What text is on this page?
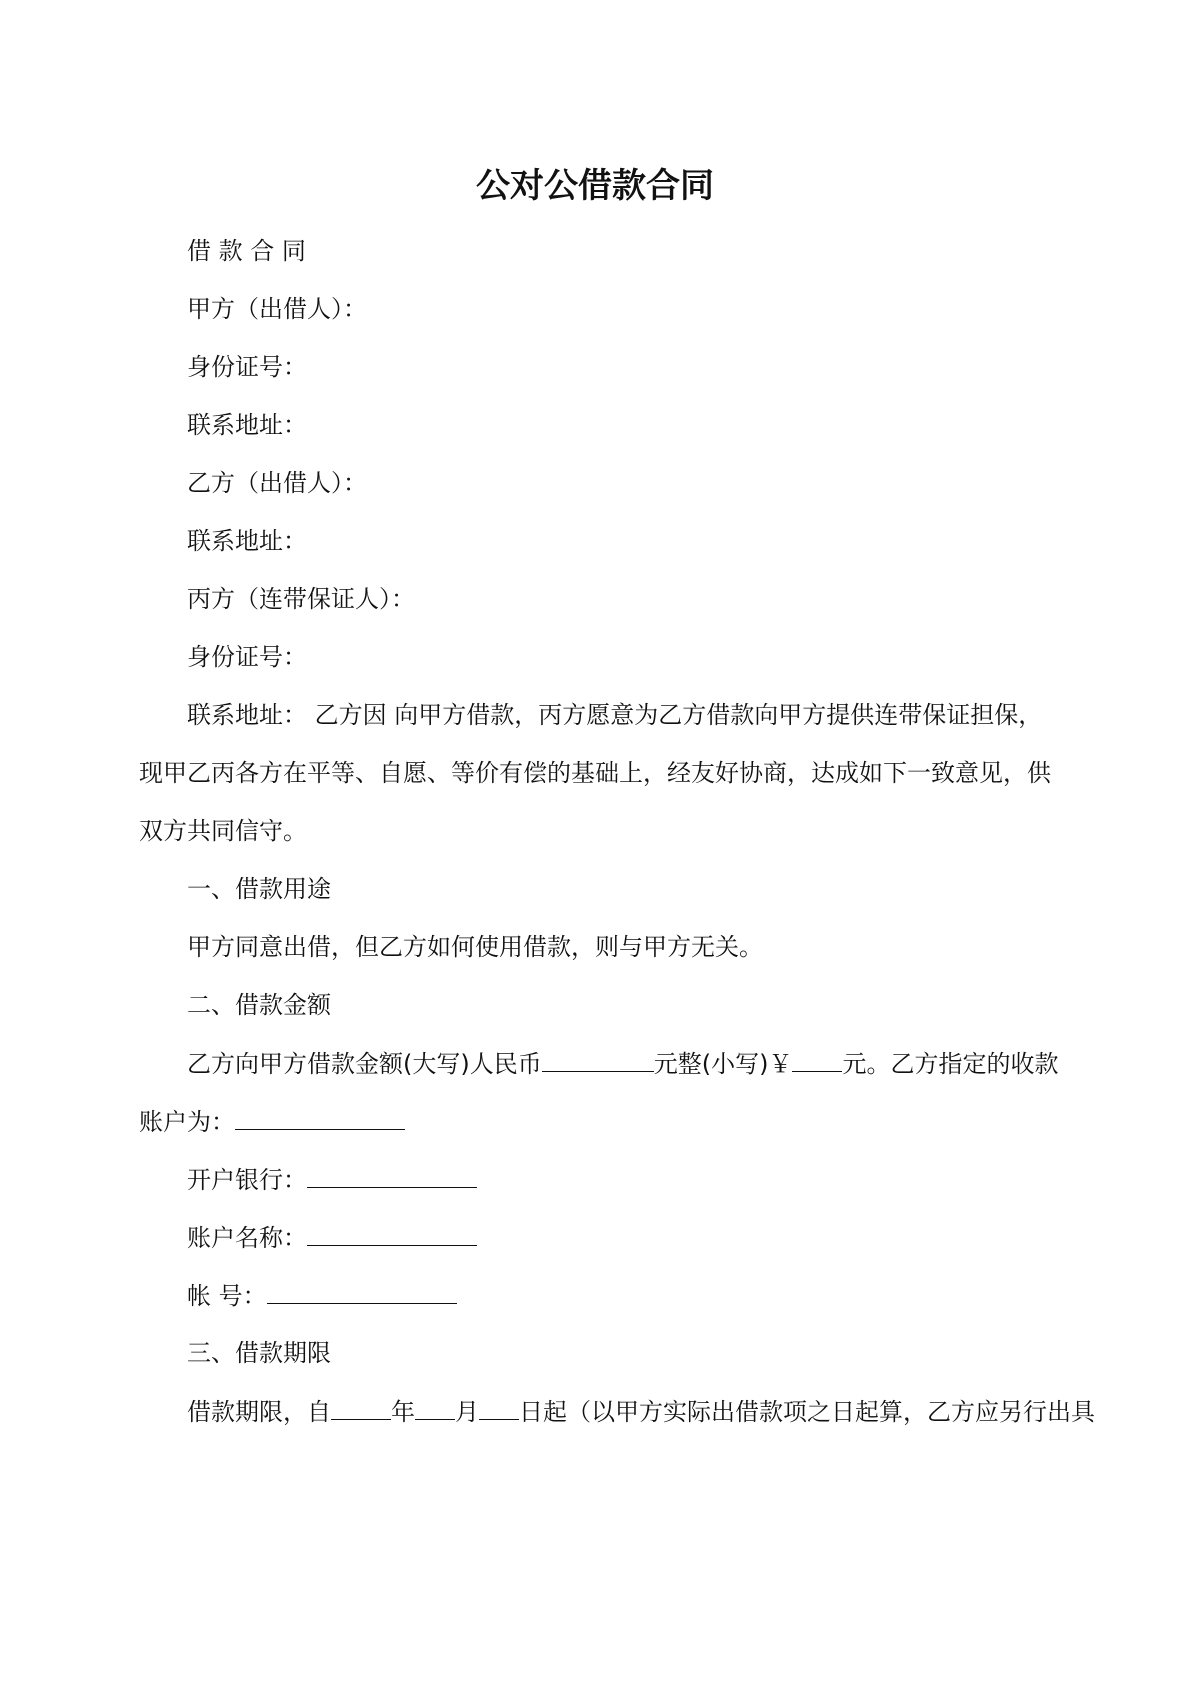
公对公借款合同
借 款 合 同
甲方（出借人）：
身份证号：
联系地址：
乙方（出借人）：
联系地址：
丙方（连带保证人）：
身份证号：
联系地址： 乙方因 向甲方借款，丙方愿意为乙方借款向甲方提供连带保证担保，
现甲乙丙各方在平等、自愿、等价有偿的基础上，经友好协商，达成如下一致意见，供
双方共同信守。
一、借款用途
甲方同意出借，但乙方如何使用借款，则与甲方无关。
二、借款金额
乙方向甲方借款金额(大写)人民币	元整(小写)￥ 元。乙方指定的收款
账户为：
开户银行：
账户名称：
帐 号：
三、借款期限
借款期限，自	年 月 日起（以甲方实际出借款项之日起算，乙方应另行出具
